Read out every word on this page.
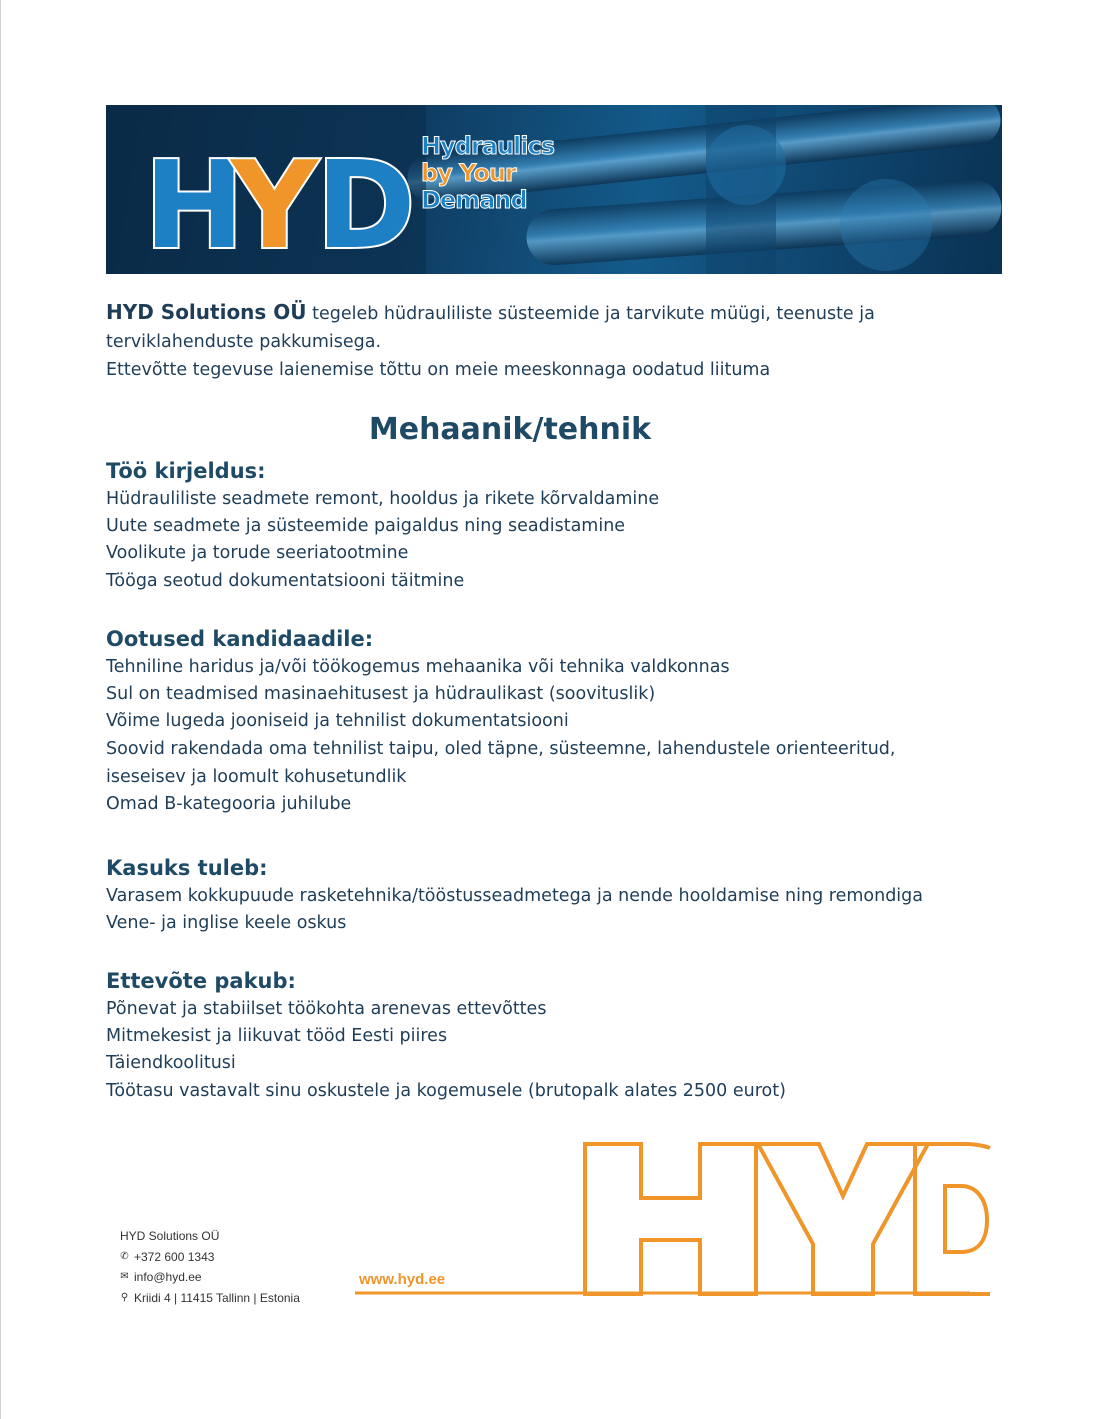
H
Y
D Hydraulics
by Your
Demand
HYD Solutions OÜ tegeleb hüdrauliliste süsteemide ja tarvikute müügi, teenuste ja
terviklahenduste pakkumisega.
Ettevõtte tegevuse laienemise tõttu on meie meeskonnaga oodatud liituma
Mehaanik/tehnik
Töö kirjeldus:
Hüdrauliliste seadmete remont, hooldus ja rikete kõrvaldamine
Uute seadmete ja süsteemide paigaldus ning seadistamine
Voolikute ja torude seeriatootmine
Tööga seotud dokumentatsiooni täitmine
Ootused kandidaadile:
Tehniline haridus ja/või töökogemus mehaanika või tehnika valdkonnas
Sul on teadmised masinaehitusest ja hüdraulikast (soovituslik)
Võime lugeda jooniseid ja tehnilist dokumentatsiooni
Soovid rakendada oma tehnilist taipu, oled täpne, süsteemne, lahendustele orienteeritud,
iseseisev ja loomult kohusetundlik
Omad B-kategooria juhilube
Kasuks tuleb:
Varasem kokkupuude rasketehnika/tööstusseadmetega ja nende hooldamise ning remondiga
Vene- ja inglise keele oskus
Ettevõte pakub:
Põnevat ja stabiilset töökohta arenevas ettevõttes
Mitmekesist ja liikuvat tööd Eesti piires
Täiendkoolitusi
Töötasu vastavalt sinu oskustele ja kogemusele (brutopalk alates 2500 eurot)
HYD Solutions OÜ
✆ +372 600 1343
✉ info@hyd.ee
⚲ Kriidi 4 | 11415 Tallinn | Estonia
www.hyd.ee
